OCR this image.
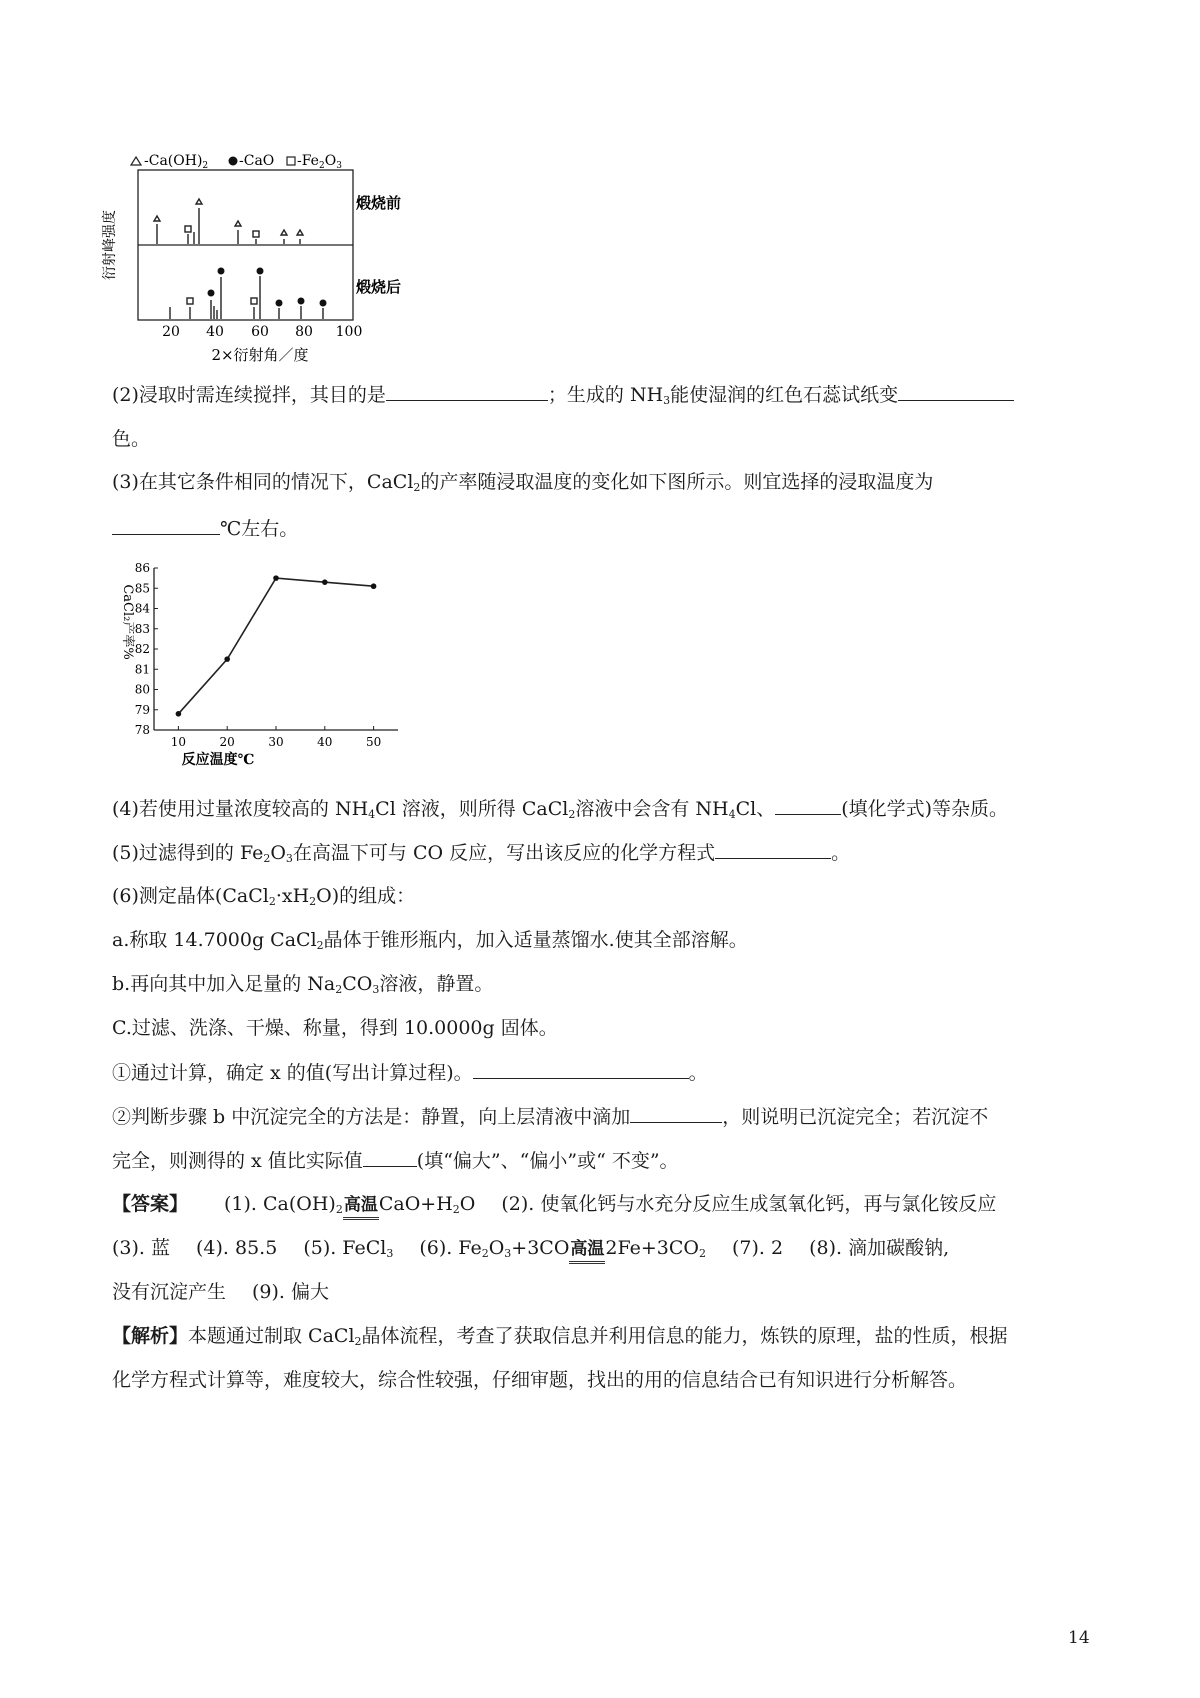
$-Ca(OH)_2$ -CaO $-Fe_2O_3$
衍射峰强度
煅烧前
煅烧后
20 40 60 80 100
2×衍射角／度
(2)浸取时需连续搅拌，其目的是	；生成的 $NH_3$能使湿润的红色石蕊试纸变
色。
(3)在其它条件相同的情况下，CaCl$_2$的产率随浸取温度的变化如下图所示。则宜选择的浸取温度为
℃左右。
CaCl₂产率%
78
79
80
81
82
83
84
85
86
10	20	30	40	50
反应温度℃
(4)若使用过量浓度较高的 $NH_4Cl$ 溶液，则所得 CaCl$_2$溶液中会含有 $NH_4Cl$、	(填化学式)等杂质。
(5)过滤得到的 $Fe_2O_3$在高温下可与 CO 反应，写出该反应的化学方程式	。
(6)测定晶体$(CaCl_2\cdot xH_2O)$的组成：
a.称取 14.7000g CaCl$_2$晶体于锥形瓶内，加入适量蒸馏水.使其全部溶解。
b.再向其中加入足量的 $Na_2CO_3$溶液，静置。
C.过滤、洗涤、干燥、称量，得到 10.0000g 固体。
①通过计算，确定 x 的值(写出计算过程)。	。
②判断步骤 b 中沉淀完全的方法是：静置，向上层清液中滴加	，则说明已沉淀完全；若沉淀不
完全，则测得的 x 值比实际值	(填“偏大”、“偏小”或“ 不变”。
【答案】 (1). $Ca(OH)_2$高温$CaO+H_2O$ (2). 使氧化钙与水充分反应生成氢氧化钙，再与氯化铵反应
(3). 蓝 (4). 85.5 (5). FeCl$_3$ (6). $Fe_2O_3+3CO$高温$2Fe+3CO_2$ (7). 2 (8). 滴加碳酸钠,
没有沉淀产生 (9). 偏大
【解析】本题通过制取 CaCl$_2$晶体流程，考查了获取信息并利用信息的能力，炼铁的原理，盐的性质，根据
化学方程式计算等，难度较大，综合性较强，仔细审题，找出的用的信息结合已有知识进行分析解答。
14
